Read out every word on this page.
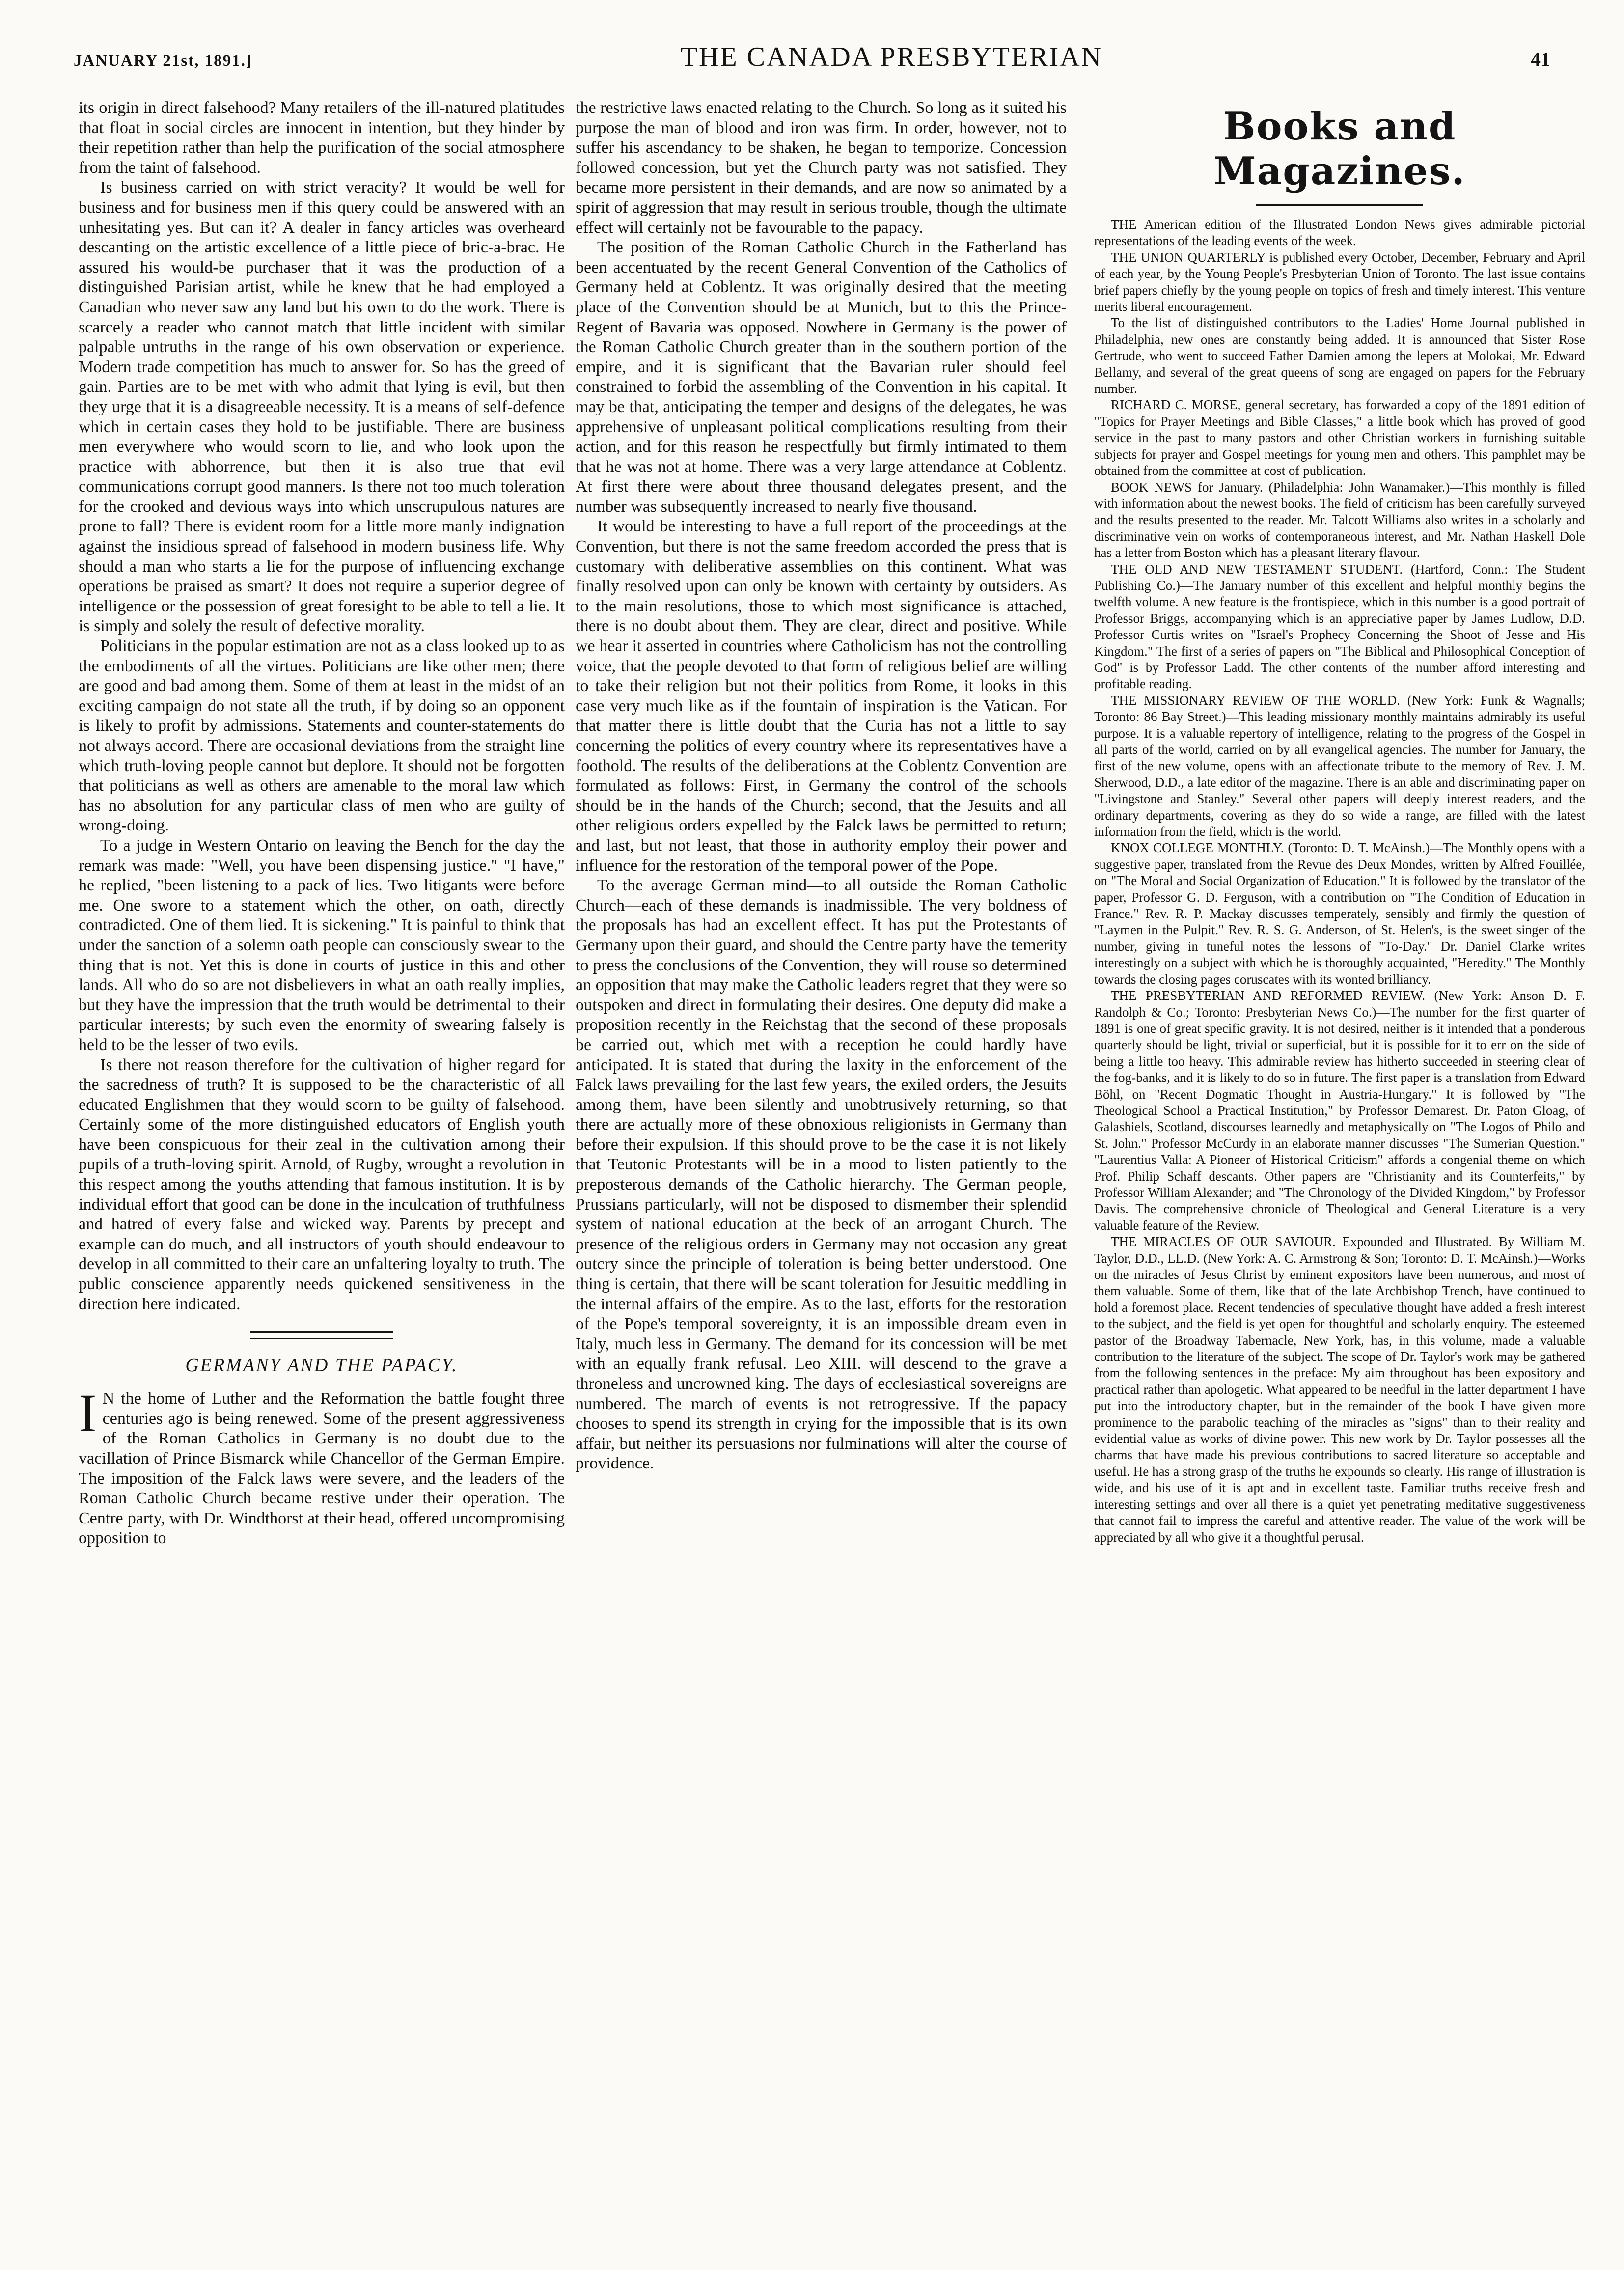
JANUARY 21st, 1891.]	THE CANADA PRESBYTERIAN	41

its origin in direct falsehood? Many retailers of the ill-natured platitudes that float in social circles are innocent in intention, but they hinder by their repetition rather than help the purification of the social atmosphere from the taint of falsehood.

Is business carried on with strict veracity? It would be well for business and for business men if this query could be answered with an unhesitating yes. But can it? A dealer in fancy articles was overheard descanting on the artistic excellence of a little piece of bric-a-brac. He assured his would-be purchaser that it was the production of a distinguished Parisian artist, while he knew that he had employed a Canadian who never saw any land but his own to do the work. There is scarcely a reader who cannot match that little incident with similar palpable untruths in the range of his own observation or experience. Modern trade competition has much to answer for. So has the greed of gain. Parties are to be met with who admit that lying is evil, but then they urge that it is a disagreeable necessity. It is a means of self-defence which in certain cases they hold to be justifiable. There are business men everywhere who would scorn to lie, and who look upon the practice with abhorrence, but then it is also true that evil communications corrupt good manners. Is there not too much toleration for the crooked and devious ways into which unscrupulous natures are prone to fall? There is evident room for a little more manly indignation against the insidious spread of falsehood in modern business life. Why should a man who starts a lie for the purpose of influencing exchange operations be praised as smart? It does not require a superior degree of intelligence or the possession of great foresight to be able to tell a lie. It is simply and solely the result of defective morality.

Politicians in the popular estimation are not as a class looked up to as the embodiments of all the virtues. Politicians are like other men; there are good and bad among them. Some of them at least in the midst of an exciting campaign do not state all the truth, if by doing so an opponent is likely to profit by admissions. Statements and counter-statements do not always accord. There are occasional deviations from the straight line which truth-loving people cannot but deplore. It should not be forgotten that politicians as well as others are amenable to the moral law which has no absolution for any particular class of men who are guilty of wrong-doing.

To a judge in Western Ontario on leaving the Bench for the day the remark was made: "Well, you have been dispensing justice." "I have," he replied, "been listening to a pack of lies. Two litigants were before me. One swore to a statement which the other, on oath, directly contradicted. One of them lied. It is sickening." It is painful to think that under the sanction of a solemn oath people can consciously swear to the thing that is not. Yet this is done in courts of justice in this and other lands. All who do so are not disbelievers in what an oath really implies, but they have the impression that the truth would be detrimental to their particular interests; by such even the enormity of swearing falsely is held to be the lesser of two evils.

Is there not reason therefore for the cultivation of higher regard for the sacredness of truth? It is supposed to be the characteristic of all educated Englishmen that they would scorn to be guilty of falsehood. Certainly some of the more distinguished educators of English youth have been conspicuous for their zeal in the cultivation among their pupils of a truth-loving spirit. Arnold, of Rugby, wrought a revolution in this respect among the youths attending that famous institution. It is by individual effort that good can be done in the inculcation of truthfulness and hatred of every false and wicked way. Parents by precept and example can do much, and all instructors of youth should endeavour to develop in all committed to their care an unfaltering loyalty to truth. The public conscience apparently needs quickened sensitiveness in the direction here indicated.

GERMANY AND THE PAPACY.

I N the home of Luther and the Reformation the battle fought three centuries ago is being renewed. Some of the present aggressiveness of the Roman Catholics in Germany is no doubt due to the vacillation of Prince Bismarck while Chancellor of the German Empire. The imposition of the Falck laws were severe, and the leaders of the Roman Catholic Church became restive under their operation. The Centre party, with Dr. Windthorst at their head, offered uncompromising opposition to

the restrictive laws enacted relating to the Church. So long as it suited his purpose the man of blood and iron was firm. In order, however, not to suffer his ascendancy to be shaken, he began to temporize. Concession followed concession, but yet the Church party was not satisfied. They became more persistent in their demands, and are now so animated by a spirit of aggression that may result in serious trouble, though the ultimate effect will certainly not be favourable to the papacy.

The position of the Roman Catholic Church in the Fatherland has been accentuated by the recent General Convention of the Catholics of Germany held at Coblentz. It was originally desired that the meeting place of the Convention should be at Munich, but to this the Prince-Regent of Bavaria was opposed. Nowhere in Germany is the power of the Roman Catholic Church greater than in the southern portion of the empire, and it is significant that the Bavarian ruler should feel constrained to forbid the assembling of the Convention in his capital. It may be that, anticipating the temper and designs of the delegates, he was apprehensive of unpleasant political complications resulting from their action, and for this reason he respectfully but firmly intimated to them that he was not at home. There was a very large attendance at Coblentz. At first there were about three thousand delegates present, and the number was subsequently increased to nearly five thousand.

It would be interesting to have a full report of the proceedings at the Convention, but there is not the same freedom accorded the press that is customary with deliberative assemblies on this continent. What was finally resolved upon can only be known with certainty by outsiders. As to the main resolutions, those to which most significance is attached, there is no doubt about them. They are clear, direct and positive. While we hear it asserted in countries where Catholicism has not the controlling voice, that the people devoted to that form of religious belief are willing to take their religion but not their politics from Rome, it looks in this case very much like as if the fountain of inspiration is the Vatican. For that matter there is little doubt that the Curia has not a little to say concerning the politics of every country where its representatives have a foothold. The results of the deliberations at the Coblentz Convention are formulated as follows: First, in Germany the control of the schools should be in the hands of the Church; second, that the Jesuits and all other religious orders expelled by the Falck laws be permitted to return; and last, but not least, that those in authority employ their power and influence for the restoration of the temporal power of the Pope.

To the average German mind—to all outside the Roman Catholic Church—each of these demands is inadmissible. The very boldness of the proposals has had an excellent effect. It has put the Protestants of Germany upon their guard, and should the Centre party have the temerity to press the conclusions of the Convention, they will rouse so determined an opposition that may make the Catholic leaders regret that they were so outspoken and direct in formulating their desires. One deputy did make a proposition recently in the Reichstag that the second of these proposals be carried out, which met with a reception he could hardly have anticipated. It is stated that during the laxity in the enforcement of the Falck laws prevailing for the last few years, the exiled orders, the Jesuits among them, have been silently and unobtrusively returning, so that there are actually more of these obnoxious religionists in Germany than before their expulsion. If this should prove to be the case it is not likely that Teutonic Protestants will be in a mood to listen patiently to the preposterous demands of the Catholic hierarchy. The German people, Prussians particularly, will not be disposed to dismember their splendid system of national education at the beck of an arrogant Church. The presence of the religious orders in Germany may not occasion any great outcry since the principle of toleration is being better understood. One thing is certain, that there will be scant toleration for Jesuitic meddling in the internal affairs of the empire. As to the last, efforts for the restoration of the Pope's temporal sovereignty, it is an impossible dream even in Italy, much less in Germany. The demand for its concession will be met with an equally frank refusal. Leo XIII. will descend to the grave a throneless and uncrowned king. The days of ecclesiastical sovereigns are numbered. The march of events is not retrogressive. If the papacy chooses to spend its strength in crying for the impossible that is its own affair, but neither its persuasions nor fulminations will alter the course of providence.

Books and Magazines.

THE American edition of the Illustrated London News gives admirable pictorial representations of the leading events of the week.

THE UNION QUARTERLY is published every October, December, February and April of each year, by the Young People's Presbyterian Union of Toronto. The last issue contains brief papers chiefly by the young people on topics of fresh and timely interest. This venture merits liberal encouragement.

To the list of distinguished contributors to the Ladies' Home Journal published in Philadelphia, new ones are constantly being added. It is announced that Sister Rose Gertrude, who went to succeed Father Damien among the lepers at Molokai, Mr. Edward Bellamy, and several of the great queens of song are engaged on papers for the February number.

RICHARD C. MORSE, general secretary, has forwarded a copy of the 1891 edition of "Topics for Prayer Meetings and Bible Classes," a little book which has proved of good service in the past to many pastors and other Christian workers in furnishing suitable subjects for prayer and Gospel meetings for young men and others. This pamphlet may be obtained from the committee at cost of publication.

BOOK NEWS for January. (Philadelphia: John Wanamaker.)—This monthly is filled with information about the newest books. The field of criticism has been carefully surveyed and the results presented to the reader. Mr. Talcott Williams also writes in a scholarly and discriminative vein on works of contemporaneous interest, and Mr. Nathan Haskell Dole has a letter from Boston which has a pleasant literary flavour.

THE OLD AND NEW TESTAMENT STUDENT. (Hartford, Conn.: The Student Publishing Co.)—The January number of this excellent and helpful monthly begins the twelfth volume. A new feature is the frontispiece, which in this number is a good portrait of Professor Briggs, accompanying which is an appreciative paper by James Ludlow, D.D. Professor Curtis writes on "Israel's Prophecy Concerning the Shoot of Jesse and His Kingdom." The first of a series of papers on "The Biblical and Philosophical Conception of God" is by Professor Ladd. The other contents of the number afford interesting and profitable reading.

THE MISSIONARY REVIEW OF THE WORLD. (New York: Funk & Wagnalls; Toronto: 86 Bay Street.)—This leading missionary monthly maintains admirably its useful purpose. It is a valuable repertory of intelligence, relating to the progress of the Gospel in all parts of the world, carried on by all evangelical agencies. The number for January, the first of the new volume, opens with an affectionate tribute to the memory of Rev. J. M. Sherwood, D.D., a late editor of the magazine. There is an able and discriminating paper on "Livingstone and Stanley." Several other papers will deeply interest readers, and the ordinary departments, covering as they do so wide a range, are filled with the latest information from the field, which is the world.

KNOX COLLEGE MONTHLY. (Toronto: D. T. McAinsh.)—The Monthly opens with a suggestive paper, translated from the Revue des Deux Mondes, written by Alfred Fouillée, on "The Moral and Social Organization of Education." It is followed by the translator of the paper, Professor G. D. Ferguson, with a contribution on "The Condition of Education in France." Rev. R. P. Mackay discusses temperately, sensibly and firmly the question of "Laymen in the Pulpit." Rev. R. S. G. Anderson, of St. Helen's, is the sweet singer of the number, giving in tuneful notes the lessons of "To-Day." Dr. Daniel Clarke writes interestingly on a subject with which he is thoroughly acquainted, "Heredity." The Monthly towards the closing pages coruscates with its wonted brilliancy.

THE PRESBYTERIAN AND REFORMED REVIEW. (New York: Anson D. F. Randolph & Co.; Toronto: Presbyterian News Co.)—The number for the first quarter of 1891 is one of great specific gravity. It is not desired, neither is it intended that a ponderous quarterly should be light, trivial or superficial, but it is possible for it to err on the side of being a little too heavy. This admirable review has hitherto succeeded in steering clear of the fog-banks, and it is likely to do so in future. The first paper is a translation from Edward Böhl, on "Recent Dogmatic Thought in Austria-Hungary." It is followed by "The Theological School a Practical Institution," by Professor Demarest. Dr. Paton Gloag, of Galashiels, Scotland, discourses learnedly and metaphysically on "The Logos of Philo and St. John." Professor McCurdy in an elaborate manner discusses "The Sumerian Question." "Laurentius Valla: A Pioneer of Historical Criticism" affords a congenial theme on which Prof. Philip Schaff descants. Other papers are "Christianity and its Counterfeits," by Professor William Alexander; and "The Chronology of the Divided Kingdom," by Professor Davis. The comprehensive chronicle of Theological and General Literature is a very valuable feature of the Review.

THE MIRACLES OF OUR SAVIOUR. Expounded and Illustrated. By William M. Taylor, D.D., LL.D. (New York: A. C. Armstrong & Son; Toronto: D. T. McAinsh.)—Works on the miracles of Jesus Christ by eminent expositors have been numerous, and most of them valuable. Some of them, like that of the late Archbishop Trench, have continued to hold a foremost place. Recent tendencies of speculative thought have added a fresh interest to the subject, and the field is yet open for thoughtful and scholarly enquiry. The esteemed pastor of the Broadway Tabernacle, New York, has, in this volume, made a valuable contribution to the literature of the subject. The scope of Dr. Taylor's work may be gathered from the following sentences in the preface: My aim throughout has been expository and practical rather than apologetic. What appeared to be needful in the latter department I have put into the introductory chapter, but in the remainder of the book I have given more prominence to the parabolic teaching of the miracles as "signs" than to their reality and evidential value as works of divine power. This new work by Dr. Taylor possesses all the charms that have made his previous contributions to sacred literature so acceptable and useful. He has a strong grasp of the truths he expounds so clearly. His range of illustration is wide, and his use of it is apt and in excellent taste. Familiar truths receive fresh and interesting settings and over all there is a quiet yet penetrating meditative suggestiveness that cannot fail to impress the careful and attentive reader. The value of the work will be appreciated by all who give it a thoughtful perusal.
